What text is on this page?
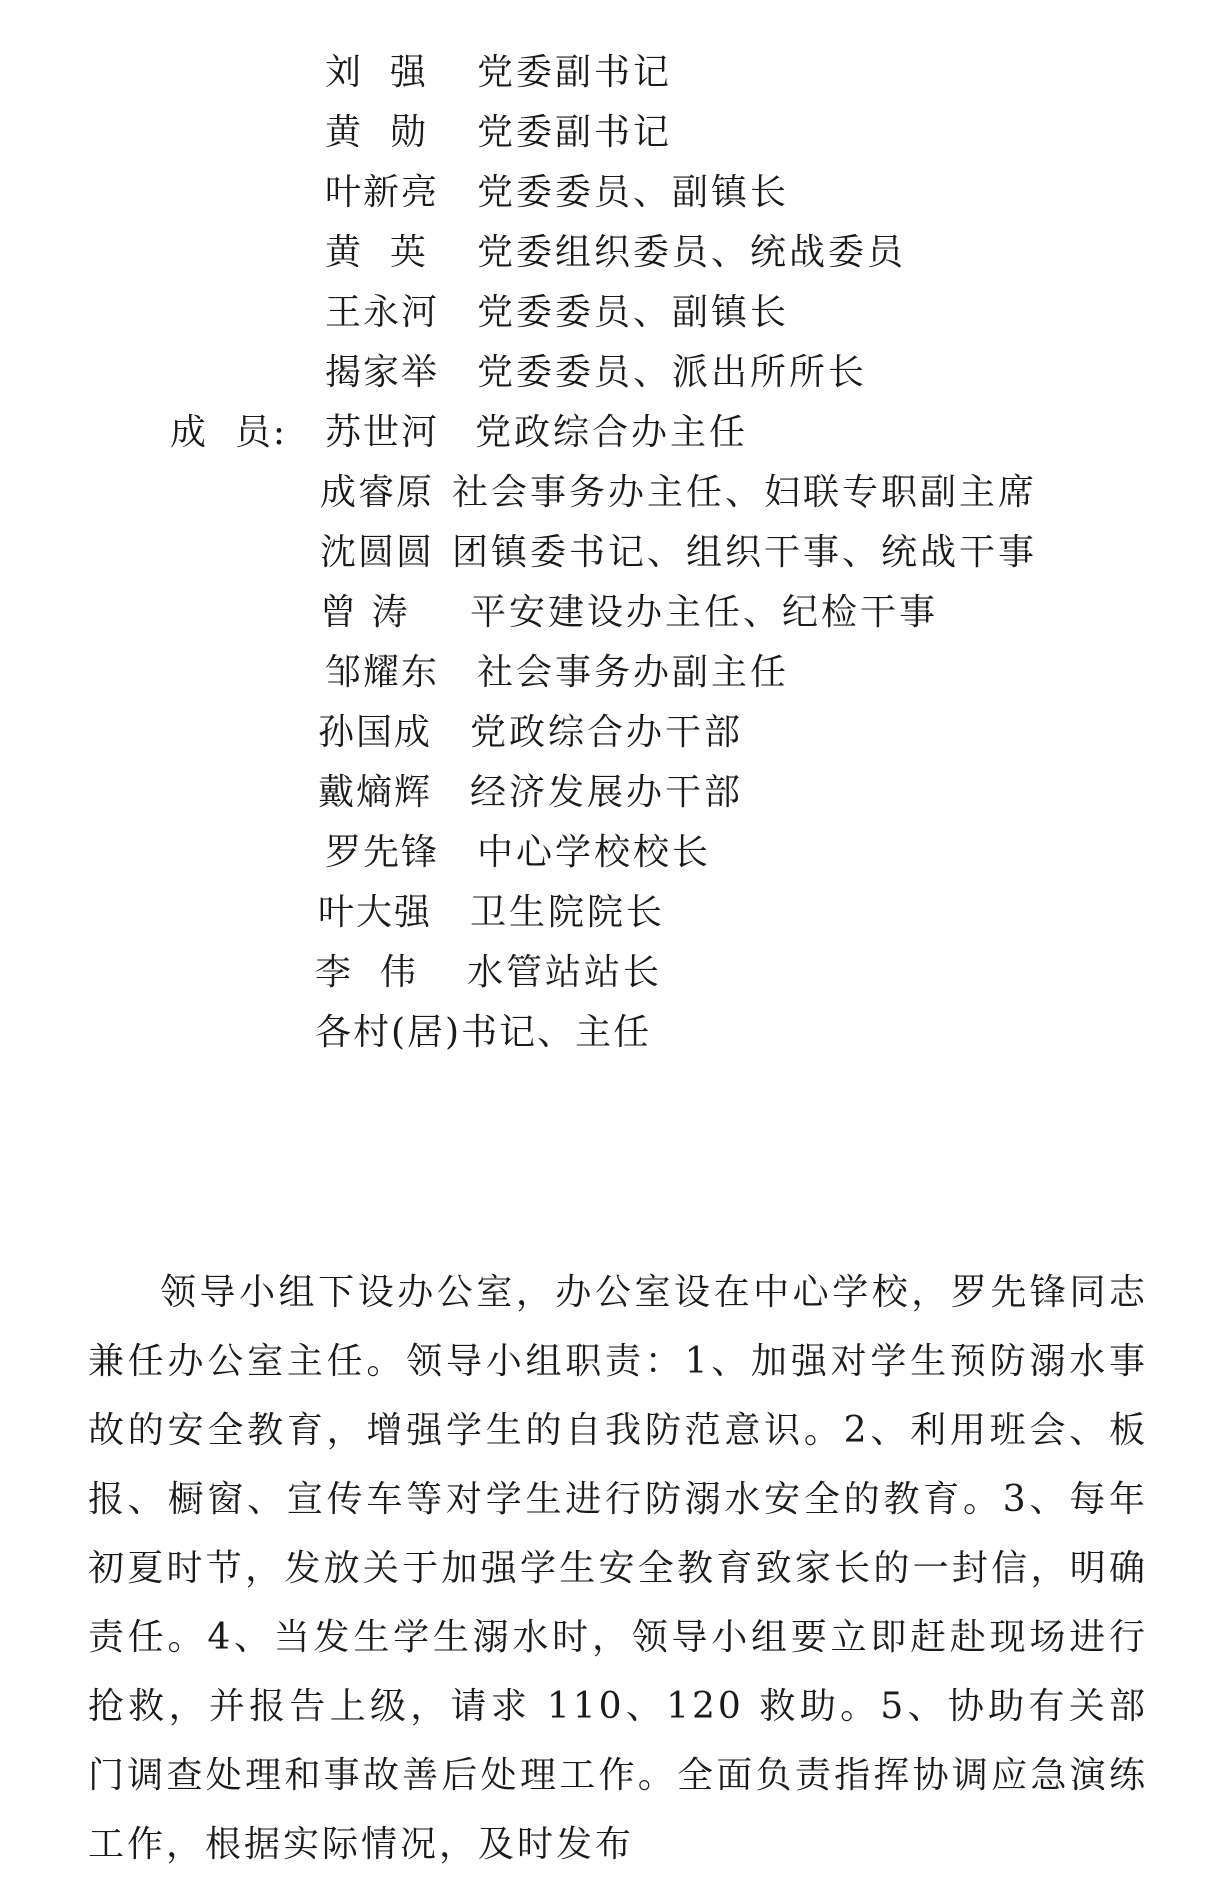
刘  强 党委副书记
黄  勋 党委副书记
叶新亮 党委委员、副镇长
黄  英 党委组织委员、统战委员
王永河 党委委员、副镇长
揭家举 党委委员、派出所所长
成  员: 苏世河 党政综合办主任
成睿原 社会事务办主任、妇联专职副主席
沈圆圆 团镇委书记、组织干事、统战干事
曾 涛 平安建设办主任、纪检干事
邹耀东 社会事务办副主任
孙国成 党政综合办干部
戴熵辉 经济发展办干部
罗先锋 中心学校校长
叶大强 卫生院院长
李  伟 水管站站长
各村(居)书记、主任

领导小组下设办公室，办公室设在中心学校，罗先锋同志兼任办公室主任。领导小组职责：1、加强对学生预防溺水事故的安全教育，增强学生的自我防范意识。2、利用班会、板报、橱窗、宣传车等对学生进行防溺水安全的教育。3、每年初夏时节，发放关于加强学生安全教育致家长的一封信，明确责任。4、当发生学生溺水时，领导小组要立即赶赴现场进行抢救，并报告上级，请求 110、120 救助。5、协助有关部门调查处理和事故善后处理工作。全面负责指挥协调应急演练工作，根据实际情况，及时发布
